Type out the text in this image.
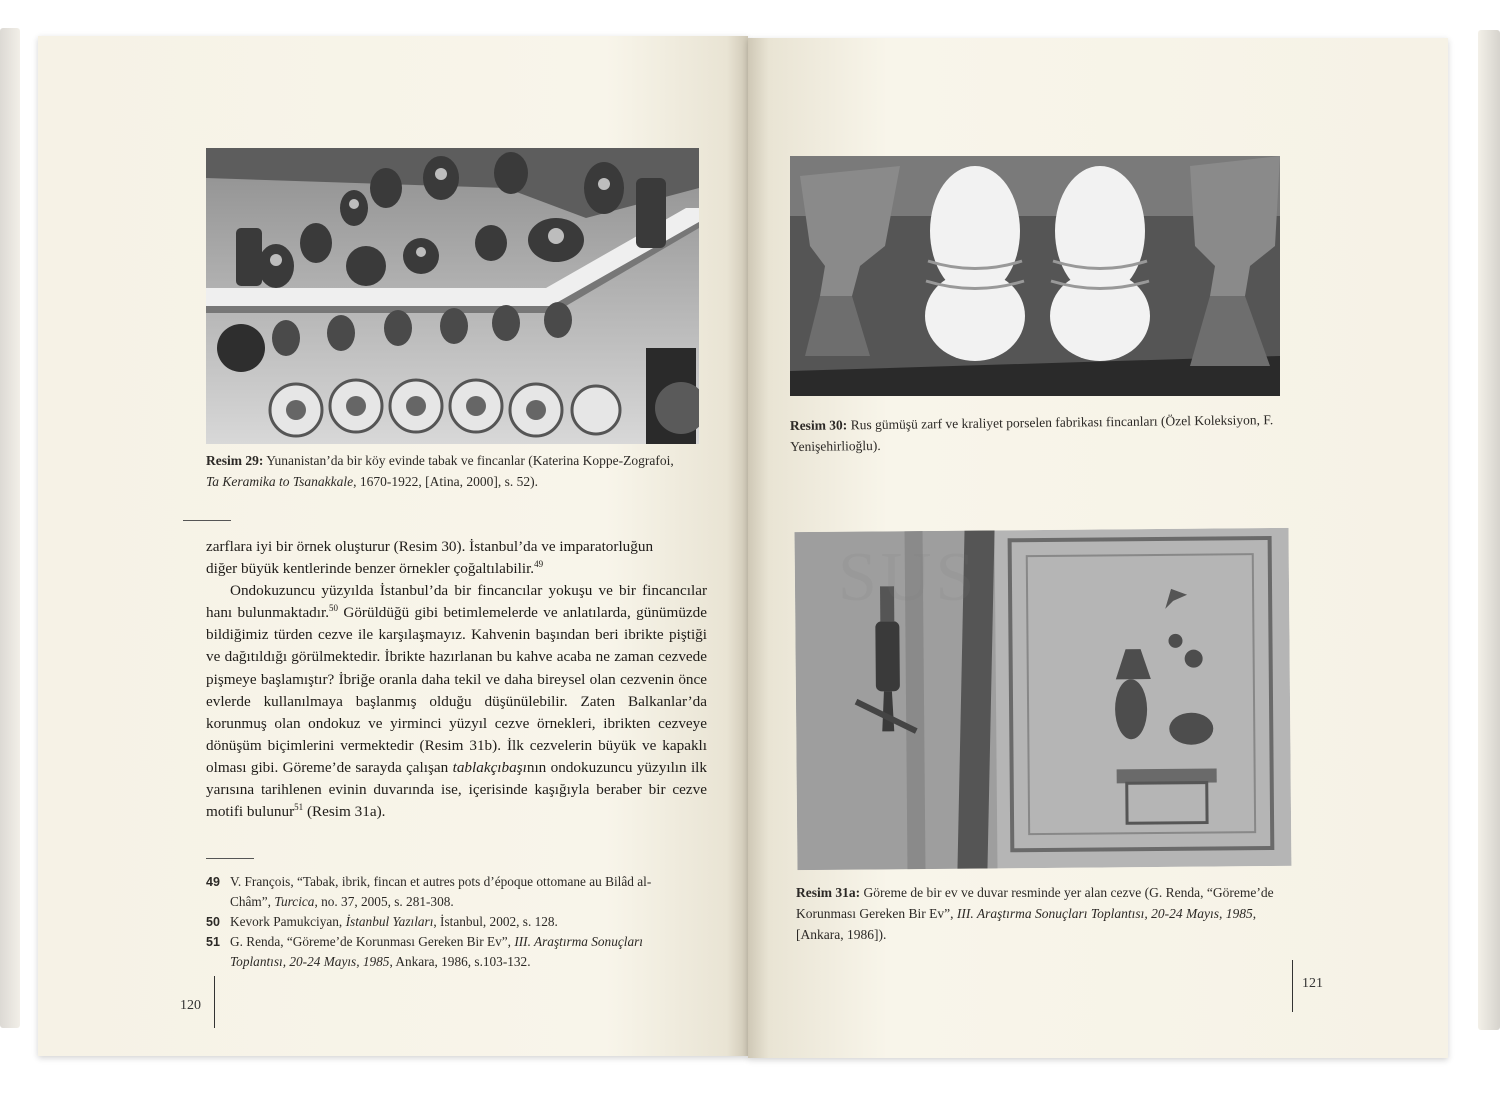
Resim 29: Yunanistan’da bir köy evinde tabak ve fincanlar (Katerina Koppe-Zografoi,
Ta Keramika to Tsanakkale, 1670-1922, [Atina, 2000], s. 52).

zarflara iyi bir örnek oluşturur (Resim 30). İstanbul’da ve imparatorluğun

diğer büyük kentlerinde benzer örnekler çoğaltılabilir.$^{49}$

Ondokuzuncu yüzyılda İstanbul’da bir fincancılar yokuşu ve bir fincancılar hanı bulunmaktadır.$^{50}$ Görüldüğü gibi betimlemelerde ve anlatılarda, günümüzde bildiğimiz türden cezve ile karşılaşmayız. Kahvenin başından beri ibrikte piştiği ve dağıtıldığı görülmektedir. İbrikte hazırlanan bu kahve acaba ne zaman cezvede pişmeye başlamıştır? İbriğe oranla daha tekil ve daha bireysel olan cezvenin önce evlerde kullanılmaya başlanmış olduğu düşünülebilir. Zaten Balkanlar’da korunmuş olan ondokuz ve yirminci yüzyıl cezve örnekleri, ibrikten cezveye dönüşüm biçimlerini vermektedir (Resim 31b). İlk cezvelerin büyük ve kapaklı olması gibi. Göreme’de sarayda çalışan tablakçıbaşının ondokuzuncu yüzyılın ilk yarısına tarihlenen evinin duvarında ise, içerisinde kaşığıyla beraber bir cezve motifi bulunur$^{51}$ (Resim 31a).

49 V. François, “Tabak, ibrik, fincan et autres pots d’époque ottomane au Bilâd al-
Châm”, Turcica, no. 37, 2005, s. 281-308.
50 Kevork Pamukciyan, İstanbul Yazıları, İstanbul, 2002, s. 128.
51 G. Renda, “Göreme’de Korunması Gereken Bir Ev”, III. Araştırma Sonuçları
Toplantısı, 20-24 Mayıs, 1985, Ankara, 1986, s.103-132.
120
Resim 30: Rus gümüşü zarf ve kraliyet porselen fabrikası fincanları (Özel Koleksiyon, F.
Yenişehirlioğlu).
SUS
Resim 31a: Göreme de bir ev ve duvar resminde yer alan cezve (G. Renda, “Göreme’de
Korunması Gereken Bir Ev”, III. Araştırma Sonuçları Toplantısı, 20-24 Mayıs, 1985,
[Ankara, 1986]).
121
